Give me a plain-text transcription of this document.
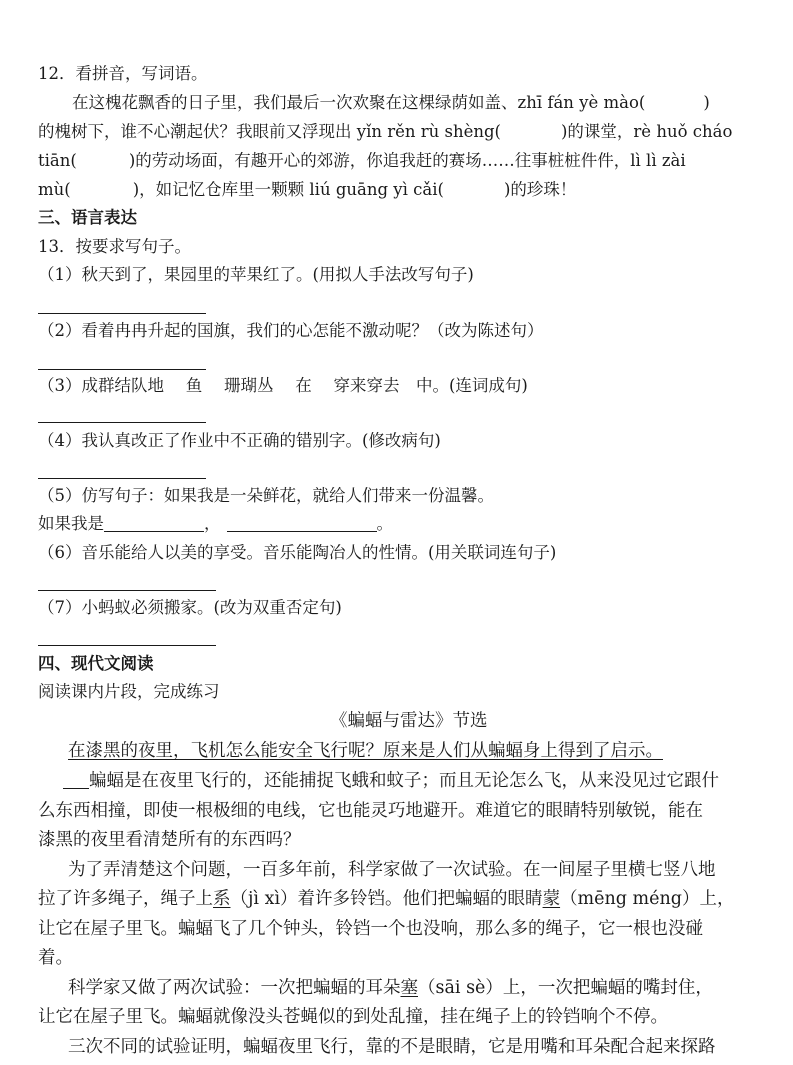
12．看拼音，写词语。
在这槐花飘香的日子里，我们最后一次欢聚在这棵绿荫如盖、zhī fán yè mào(	)
的槐树下，谁不心潮起伏？我眼前又浮现出 yǐn rěn rù shèng(	)的课堂，rè huǒ cháo
tiān(	)的劳动场面，有趣开心的郊游，你追我赶的赛场……往事桩桩件件，lì lì zài
mù(	)，如记忆仓库里一颗颗 liú guāng yì cǎi(	)的珍珠！
三、语言表达
13．按要求写句子。
（1）秋天到了，果园里的苹果红了。(用拟人手法改写句子)
（2）看着冉冉升起的国旗，我们的心怎能不激动呢？（改为陈述句）
（3）成群结队地　 鱼　 珊瑚丛　 在　 穿来穿去　中。(连词成句)
（4）我认真改正了作业中不正确的错别字。(修改病句)
（5）仿写句子：如果我是一朵鲜花，就给人们带来一份温馨。
如果我是	，	。
（6）音乐能给人以美的享受。音乐能陶冶人的性情。(用关联词连句子)
（7）小蚂蚁必须搬家。(改为双重否定句)
四、现代文阅读
阅读课内片段，完成练习
《蝙蝠与雷达》节选
在漆黑的夜里，飞机怎么能安全飞行呢？原来是人们从蝙蝠身上得到了启示。
蝙蝠是在夜里飞行的，还能捕捉飞蛾和蚊子；而且无论怎么飞，从来没见过它跟什
么东西相撞，即使一根极细的电线，它也能灵巧地避开。难道它的眼睛特别敏锐，能在
漆黑的夜里看清楚所有的东西吗？
为了弄清楚这个问题，一百多年前，科学家做了一次试验。在一间屋子里横七竖八地
拉了许多绳子，绳子上系（jì xì）着许多铃铛。他们把蝙蝠的眼睛蒙（mēng méng）上，
让它在屋子里飞。蝙蝠飞了几个钟头，铃铛一个也没响，那么多的绳子，它一根也没碰
着。
科学家又做了两次试验：一次把蝙蝠的耳朵塞（sāi sè）上，一次把蝙蝠的嘴封住，
让它在屋子里飞。蝙蝠就像没头苍蝇似的到处乱撞，挂在绳子上的铃铛响个不停。
三次不同的试验证明，蝙蝠夜里飞行，靠的不是眼睛，它是用嘴和耳朵配合起来探路
